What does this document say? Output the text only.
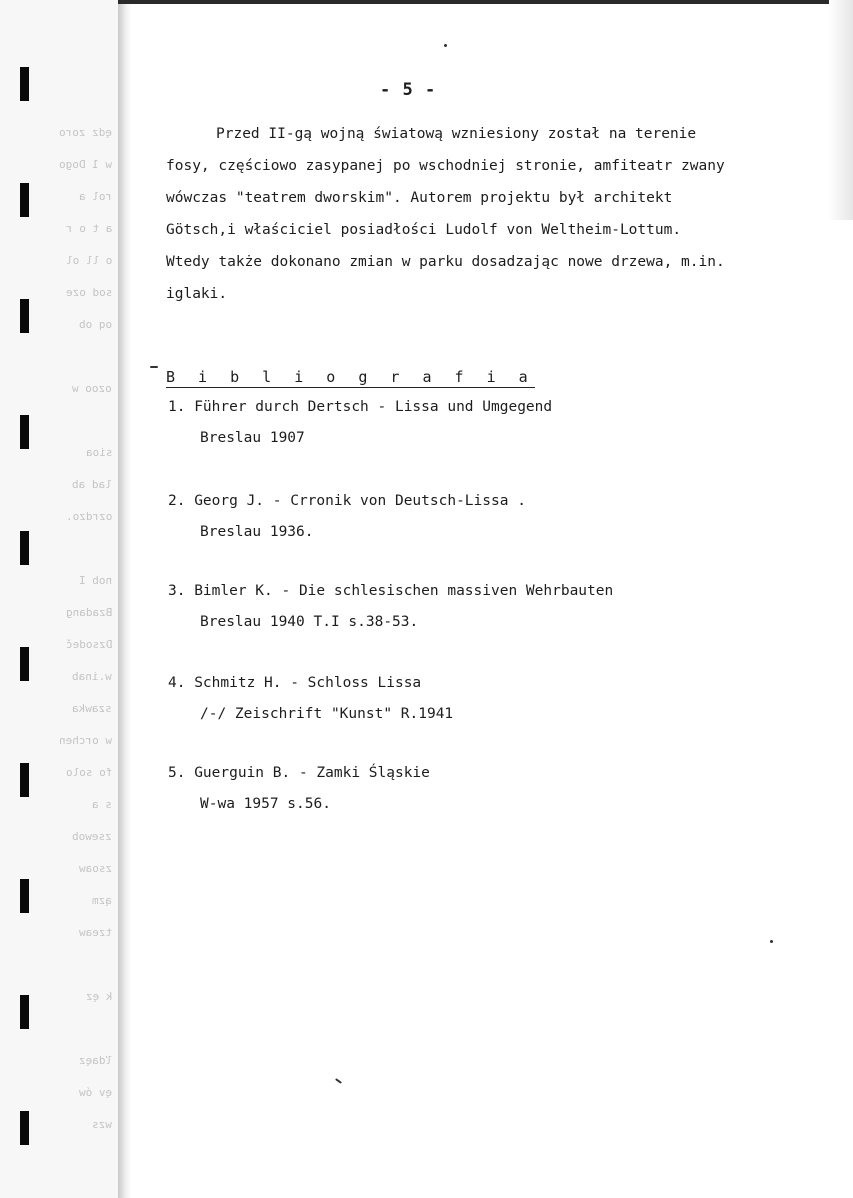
ędz zoro
w 1 Dogo
rol a
a t o r
o ll ol
sod oze
oq ob
ozoo w
sioa
lad ab
ozrdzo.
nob I
Bzadang
Dzsodeč
w.inab
szawka
w orchen
fo solo
s a
zsewob
zsoaw
ązm
tzeaw
k ęz
ľdaęz
ęv ów
wzs
- 5 -
Przed II-gą wojną światową wzniesiony został na terenie
fosy, częściowo zasypanej po wschodniej stronie, amfiteatr zwany
wówczas "teatrem dworskim". Autorem projektu był architekt
Götsch,i właściciel posiadłości Ludolf von Weltheim-Lottum.
Wtedy także dokonano zmian w parku dosadzając nowe drzewa, m.in.
iglaki.
B i b l i o g r a f i a
1. Führer durch Dertsch - Lissa und Umgegend
Breslau 1907
2. Georg J. - Crronik von Deutsch-Lissa .
Breslau 1936.
3. Bimler K. - Die schlesischen massiven Wehrbauten
Breslau 1940 T.I s.38-53.
4. Schmitz H. - Schloss Lissa
/-/ Zeischrift "Kunst" R.1941
5. Guerguin B. - Zamki Śląskie
W-wa 1957 s.56.
